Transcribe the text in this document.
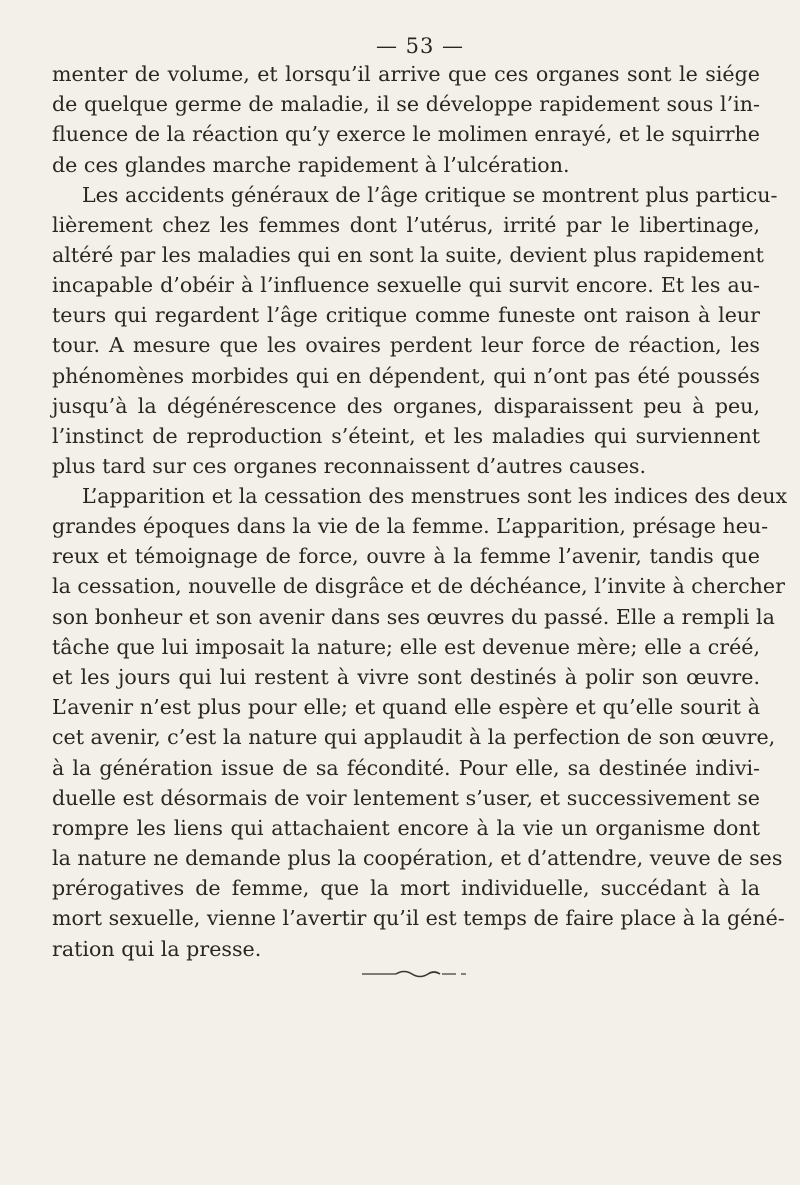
— 53 —
menter de volume, et lorsqu’il arrive que ces organes sont le siége
de quelque germe de maladie, il se développe rapidement sous l’in-
fluence de la réaction qu’y exerce le molimen enrayé, et le squirrhe
de ces glandes marche rapidement à l’ulcération.
Les accidents généraux de l’âge critique se montrent plus particu-
lièrement chez les femmes dont l’utérus, irrité par le libertinage,
altéré par les maladies qui en sont la suite, devient plus rapidement
incapable d’obéir à l’influence sexuelle qui survit encore. Et les au-
teurs qui regardent l’âge critique comme funeste ont raison à leur
tour. A mesure que les ovaires perdent leur force de réaction, les
phénomènes morbides qui en dépendent, qui n’ont pas été poussés
jusqu’à la dégénérescence des organes, disparaissent peu à peu,
l’instinct de reproduction s’éteint, et les maladies qui surviennent
plus tard sur ces organes reconnaissent d’autres causes.
L’apparition et la cessation des menstrues sont les indices des deux
grandes époques dans la vie de la femme. L’apparition, présage heu-
reux et témoignage de force, ouvre à la femme l’avenir, tandis que
la cessation, nouvelle de disgrâce et de déchéance, l’invite à chercher
son bonheur et son avenir dans ses œuvres du passé. Elle a rempli la
tâche que lui imposait la nature; elle est devenue mère; elle a créé,
et les jours qui lui restent à vivre sont destinés à polir son œuvre.
L’avenir n’est plus pour elle; et quand elle espère et qu’elle sourit à
cet avenir, c’est la nature qui applaudit à la perfection de son œuvre,
à la génération issue de sa fécondité. Pour elle, sa destinée indivi-
duelle est désormais de voir lentement s’user, et successivement se
rompre les liens qui attachaient encore à la vie un organisme dont
la nature ne demande plus la coopération, et d’attendre, veuve de ses
prérogatives de femme, que la mort individuelle, succédant à la
mort sexuelle, vienne l’avertir qu’il est temps de faire place à la géné-
ration qui la presse.
